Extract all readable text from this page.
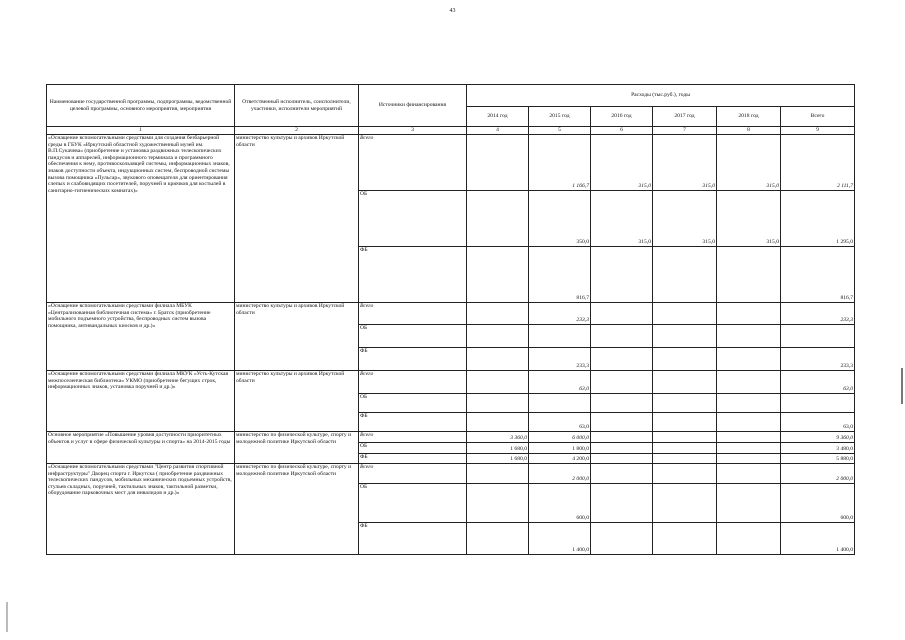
43
Наименование государственной программы, подпрограммы, ведомственной целевой программы, основного мероприятия, мероприятия	Ответственный исполнитель, соисполнители, участники, исполнители мероприятий	Источники финансирования	Расходы (тыс.руб.), годы					
			2014 год	2015 год	2016 год	2017 год	2018 год	Всего
1	2	3	4	5	6	7	8	9
«Оснащение вспомогательными средствами для создания безбарьерной среды в ГБУК «Иркутский областной художественный музей им. В.П.Сукачева» (приобретение и установка раздвижных телескопических пандусов и аппарелей, информационного терминала и программного обеспечения к нему, противоскользящей системы, информационных знаков, знаков доступности объекта, индукционных систем, беспроводной системы вызова помощника «Пульсар», звукового оповещателя для ориентирования слепых и слабовидящих посетителей, поручней и крючков для костылей в санитарно-гигиенических комнатах)»	министерство культуры и архивов Иркутской области	Всего		1 166,7	315,0	315,0	315,0	2 111,7
		ОБ		350,0	315,0	315,0	315,0	1 295,0
		ФБ		816,7				816,7
«Оснащение вспомогательными средствами филиала МБУК «Централизованная библиотечная система» г. Братск (приобретение мобильного подъемного устройства, беспроводных систем вызова помощника, антивандальных киосков и др.)»	министерство культуры и архивов Иркутской области	Всего		233,3				233,3
		ОБ						
		ФБ		233,3				233,3
«Оснащение вспомогательными средствами филиала МКУК «Усть-Кутская межпоселенческая библиотека» УКМО (приобретение бегущих строк, информационных знаков, установка поручней и др.)»	министерство культуры и архивов Иркутской области	Всего		63,0				63,0
		ОБ						
		ФБ		63,0				63,0
Основное мероприятие «Повышение уровня доступности приоритетных объектов и услуг в сфере физической культуры и спорта» на 2014-2015 годы	министерство по физической культуре, спорту и молодежной политике Иркутской области	Всего	3 360,0	6 000,0				9 360,0
		ОБ	1 680,0	1 800,0				3 480,0
		ФБ	1 680,0	4 200,0				5 880,0
«Оснащение вспомогательными средствами "Центр развития спортивной инфраструктуры" Дворец спорта г. Иркутска ( приобретение раздвижных телескопических пандусов, мобильных механических подъемных устройств, стульев складных, поручней, тактильных знаков, тактильной разметки, оборудование парковочных мест для инвалидов и др.)»	министерство по физической культуре, спорту и молодежной политике Иркутской области	Всего		2 000,0				2 000,0
		ОБ		600,0				600,0
		ФБ		1 400,0				1 400,0
